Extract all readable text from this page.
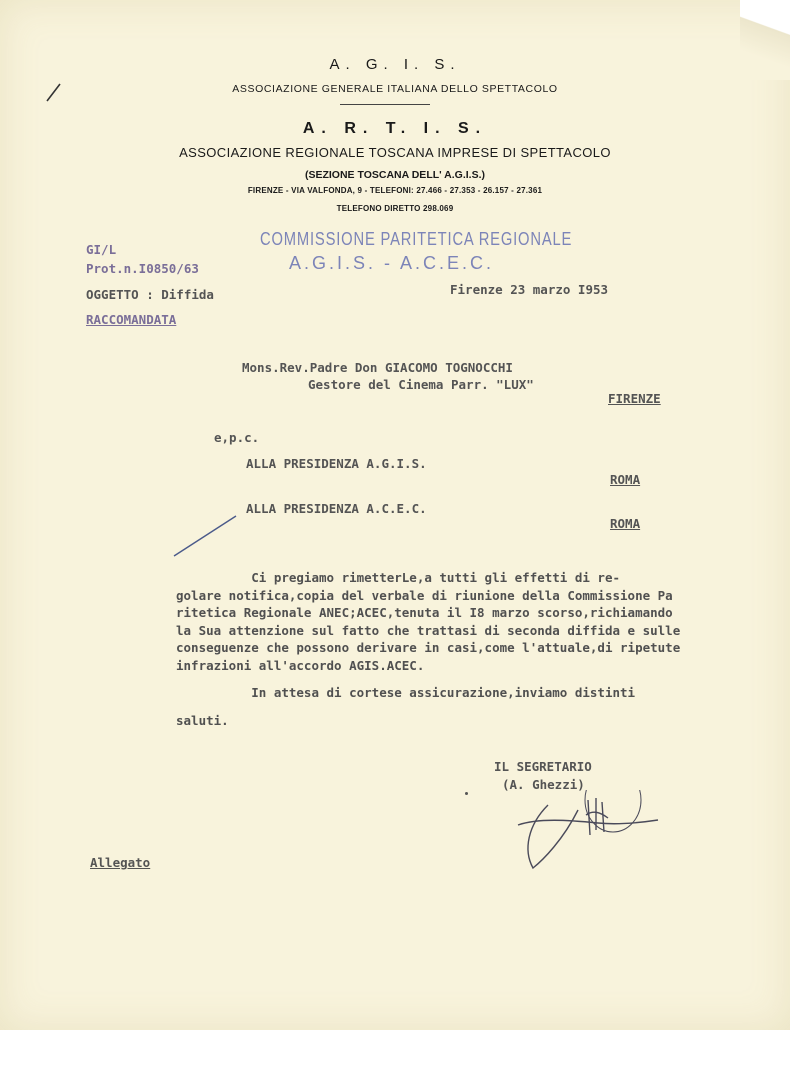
A. G. I. S.
ASSOCIAZIONE GENERALE ITALIANA DELLO SPETTACOLO
A. R. T. I. S.
ASSOCIAZIONE REGIONALE TOSCANA IMPRESE DI SPETTACOLO
(SEZIONE TOSCANA DELL' A.G.I.S.)
FIRENZE - VIA VALFONDA, 9 - TELEFONI: 27.466 - 27.353 - 26.157 - 27.361
TELEFONO DIRETTO 298.069
COMMISSIONE PARITETICA REGIONALE
A.G.I.S. - A.C.E.C.
GI/L
Prot.n.I0850/63
OGGETTO : Diffida	Firenze 23 marzo I953
RACCOMANDATA
Mons.Rev.Padre Don GIACOMO TOGNOCCHI
Gestore del Cinema Parr. "LUX"
FIRENZE
e,p.c.
ALLA PRESIDENZA A.G.I.S.
ROMA
ALLA PRESIDENZA A.C.E.C.
ROMA
Ci pregiamo rimetterLe,a tutti gli effetti di re-
golare notifica,copia del verbale di riunione della Commissione Pa
ritetica Regionale ANEC;ACEC,tenuta il I8 marzo scorso,richiamando
la Sua attenzione sul fatto che trattasi di seconda diffida e sulle
conseguenze che possono derivare in casi,come l'attuale,di ripetute
infrazioni all'accordo AGIS.ACEC.
In attesa di cortese assicurazione,inviamo distinti
saluti.
IL SEGRETARIO
(A. Ghezzi)
Allegato
